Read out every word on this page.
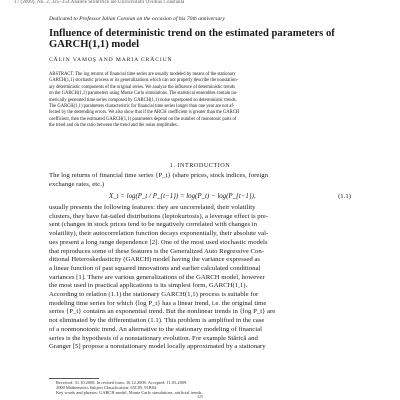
17 (2009), No. 2, 325–354 Analele Stiintifice ale Universitatii Ovidius Constanta
Dedicated to Professor Iulian Coroian on the occasion of his 70th anniversary
Influence of deterministic trend on the estimated parameters of GARCH(1,1) model
CĂLIN VAMOŞ AND MARIA CRĂCIUN
ABSTRACT. The log returns of financial time series are usually modeled by means of the stationary
GARCH(1,1) stochastic process or its generalizations which can not properly describe the nonstation-
ary deterministic components of the original series. We analyze the influence of deterministic trends
on the GARCH(1,1) parameters using Monte Carlo simulations. The statistical ensembles contain nu-
merically generated time series composed by GARCH(1,1) noise superposed on deterministic trends.
The GARCH(1,1) parameters characteristic for financial time series longer than one year are not af-
fected by the detrending errors. We also show that if the ARCH coefficient is greater than the GARCH
coefficient, then the estimated GARCH(1,1) parameters depend on the number of monotonic parts of
the trend and on the ratio between the trend and the noise amplitudes.
1. INTRODUCTION
The log returns of financial time series {P_t} (share prices, stock indices, foreign
exchange rates, etc.)
X_t = log(P_t / P_{t−1}) = log(P_t) − log(P_{t−1}),	(1.1)
usually presents the following features: they are uncorrelated, their volatility
clusters, they have fat-tailed distributions (leptokurtosis), a leverage effect is pre-
sent (changes in stock prices tend to be negatively correlated with changes in
volatility), their autocorrelation function decays exponentially, their absolute val-
ues present a long range dependence [2]. One of the most used stochastic models
that reproduces some of these features is the Generalized Auto Regressive Con-
ditional Heteroskedasticity (GARCH) model having the variance expressed as
a linear function of past squared innovations and earlier calculated conditional
variances [1]. There are various generalizations of the GARCH model, however
the most used in practical applications is its simplest form, GARCH(1,1).
According to relation (1.1) the stationary GARCH(1,1) process is suitable for
modeling time series for which {log P_t} has a linear trend, i.e. the original time
series {P_t} contains an exponential trend. But the nonlinear trends in {log P_t} are
not eliminated by the differentiation (1.1). This problem is amplified in the case
of a nonmonotonic trend. An alternative to the stationary modeling of financial
series is the hypothesis of a nonstationary evolution. For example Stărică and
Granger [5] propose a nonstationary model locally approximated by a stationary
Received: 31.10.2008. In revised form: 16.12.2008. Accepted: 11.05.2009.
2000 Mathematics Subject Classification: 65C05, 91B84.
Key words and phrases: GARCH model, Monte Carlo simulations, artificial trends.
325
